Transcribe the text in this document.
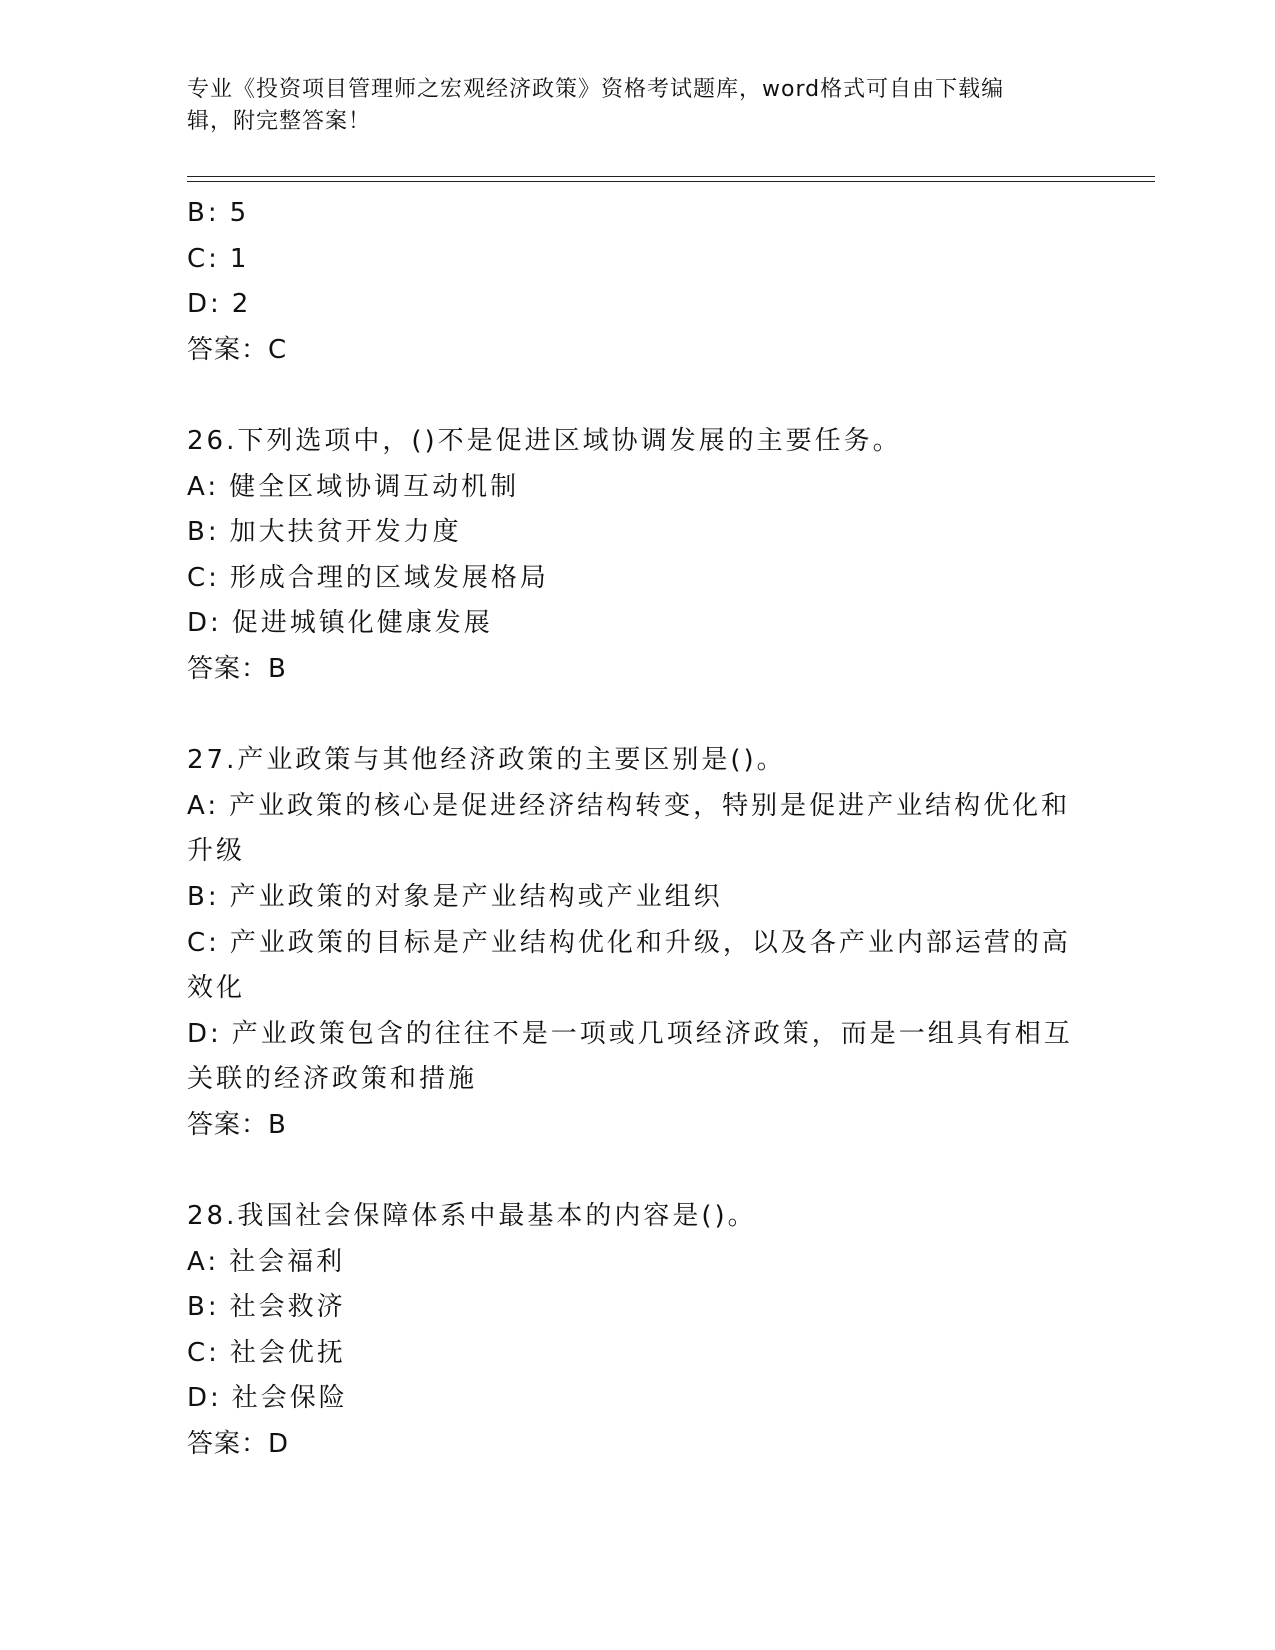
专业《投资项目管理师之宏观经济政策》资格考试题库，word格式可自由下载编
辑，附完整答案！
B: 5
C: 1
D: 2
答案：C
26.下列选项中，()不是促进区域协调发展的主要任务。
A: 健全区域协调互动机制
B: 加大扶贫开发力度
C: 形成合理的区域发展格局
D: 促进城镇化健康发展
答案：B
27.产业政策与其他经济政策的主要区别是()。
A: 产业政策的核心是促进经济结构转变，特别是促进产业结构优化和升级
B: 产业政策的对象是产业结构或产业组织
C: 产业政策的目标是产业结构优化和升级，以及各产业内部运营的高效化
D: 产业政策包含的往往不是一项或几项经济政策，而是一组具有相互关联的经济政策和措施
答案：B
28.我国社会保障体系中最基本的内容是()。
A: 社会福利
B: 社会救济
C: 社会优抚
D: 社会保险
答案：D
